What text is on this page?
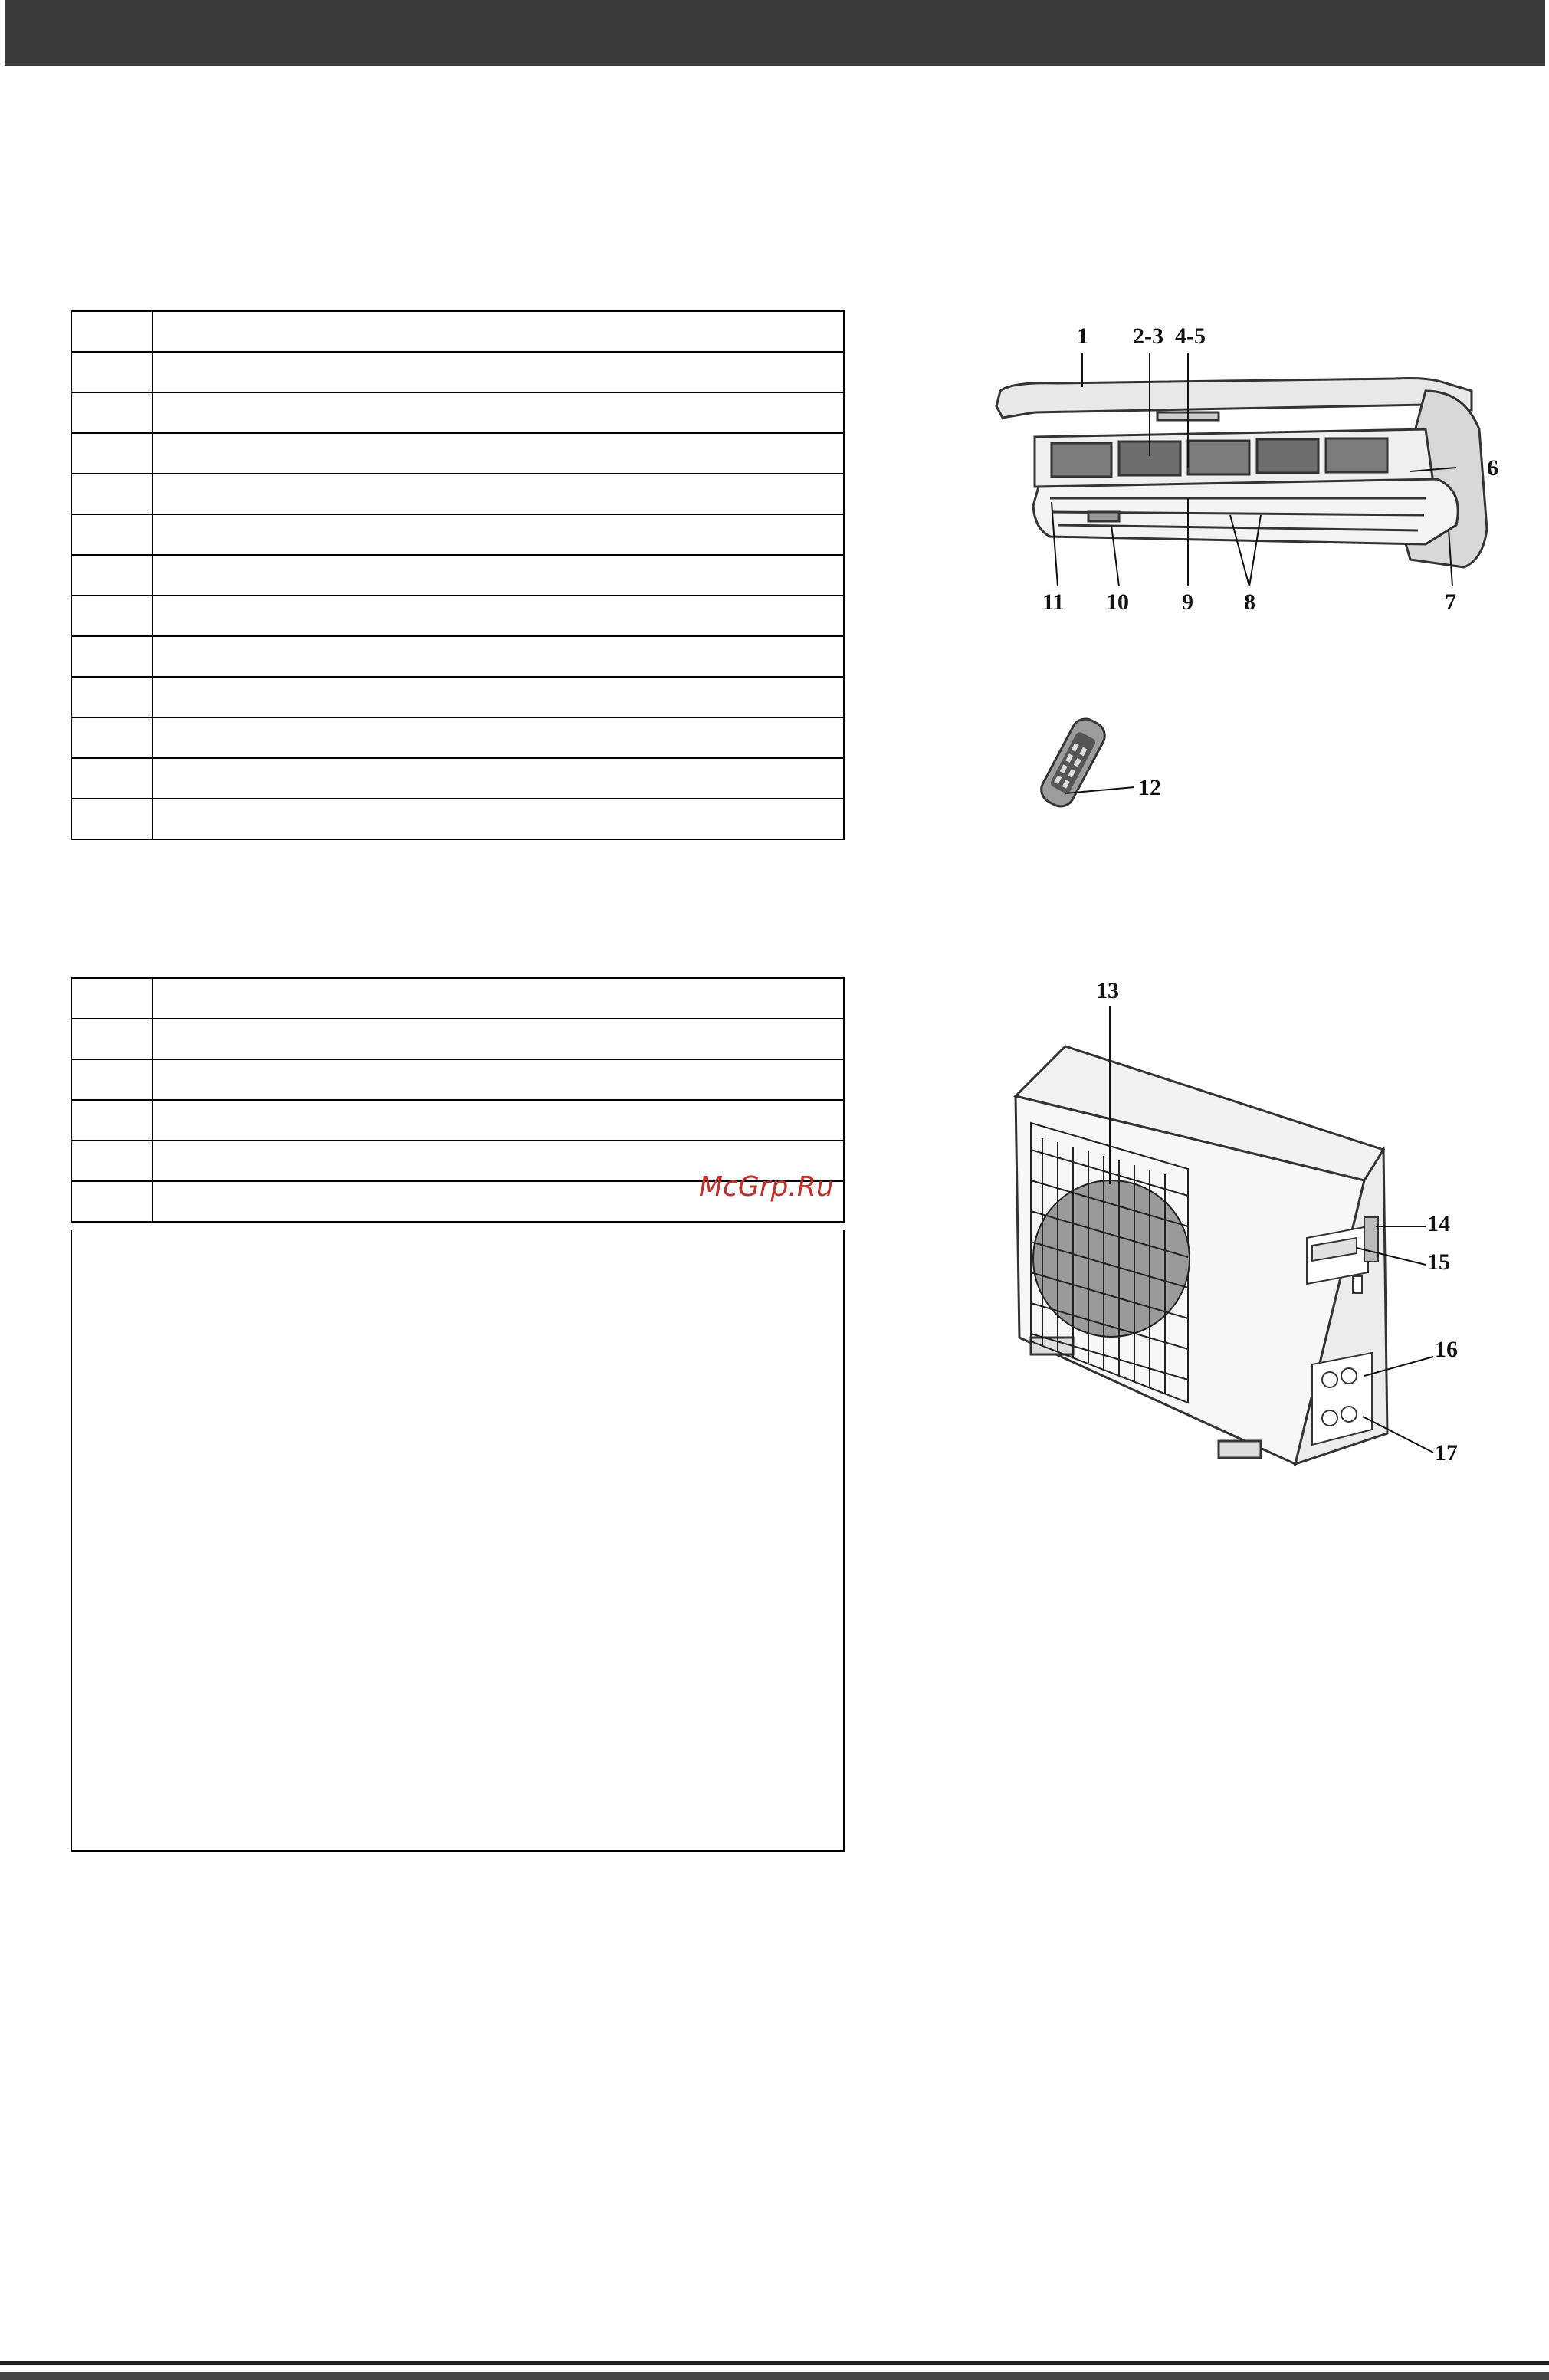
McGrp.Ru
1 2-3 4-5
6
7
8
9
10
11
12
13
14
15
16
17
